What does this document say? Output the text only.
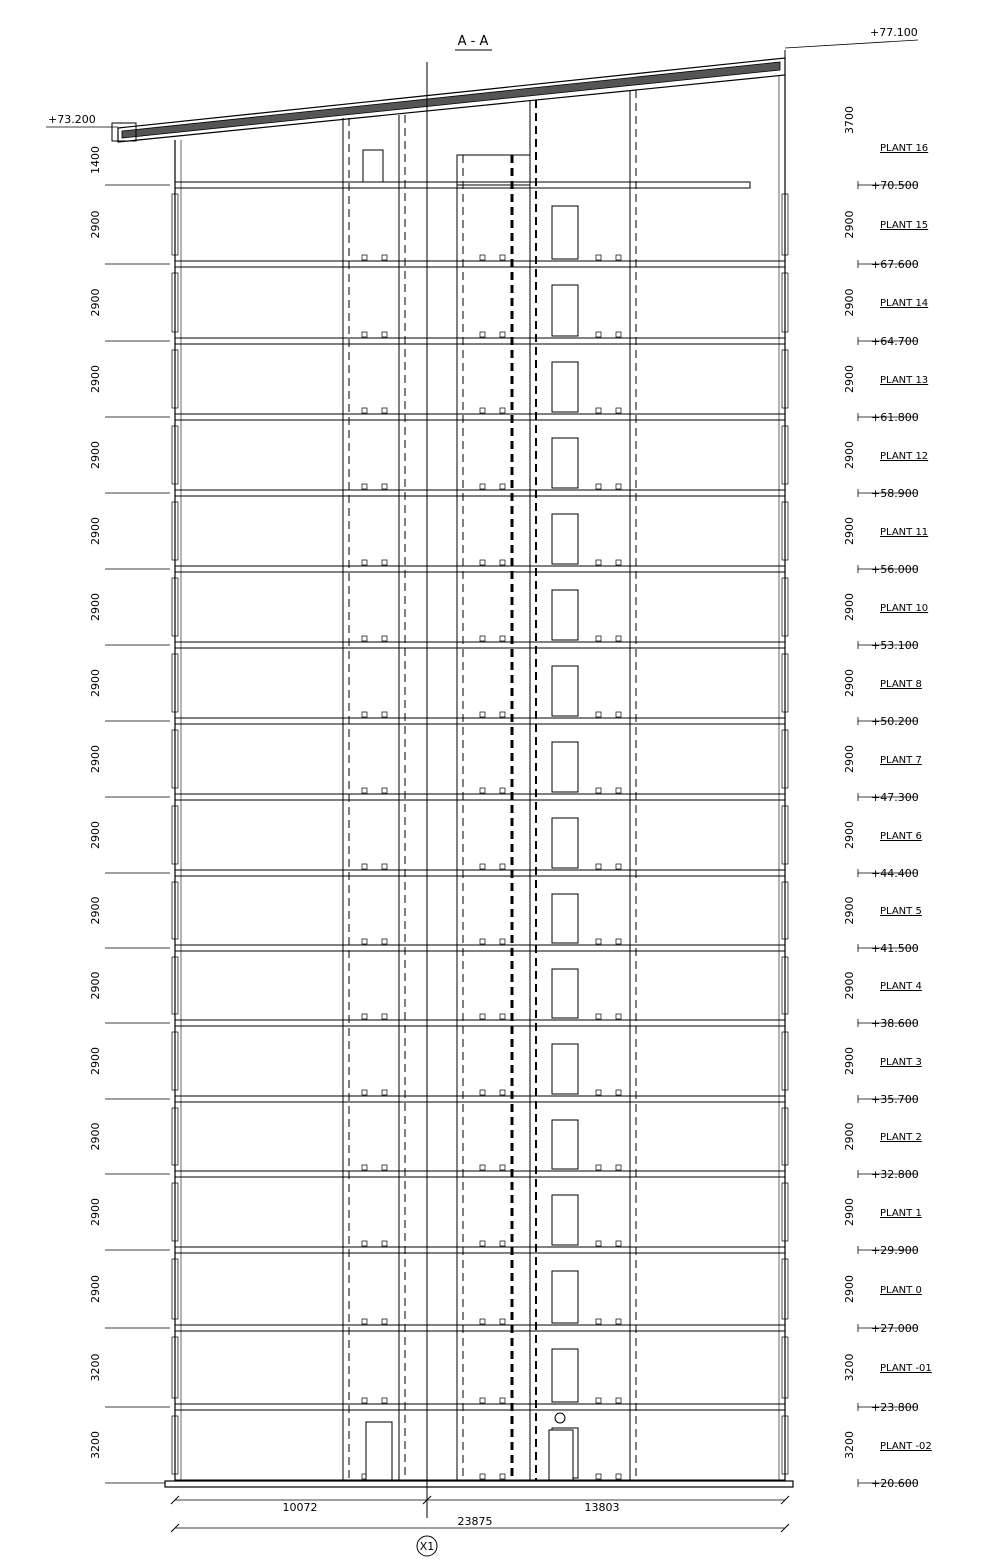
A - A
+73.200
+77.100
3700
1400
+70.500
PLANT 16
2900	2900
+67.600
PLANT 15
2900	2900
+64.700
PLANT 14
2900	2900
+61.800
PLANT 13
2900	2900
+58.900
PLANT 12
2900	2900
+56.000
PLANT 11
2900	2900
+53.100
PLANT 10
2900	2900
+50.200
PLANT 8
2900	2900
+47.300
PLANT 7
2900	2900
+44.400
PLANT 6
2900	2900
+41.500
PLANT 5
2900	2900
+38.600
PLANT 4
2900	2900
+35.700
PLANT 3
2900	2900
+32.800
PLANT 2
2900	2900
+29.900
PLANT 1
2900	2900
+27.000
PLANT 0
3200	3200
+23.800
PLANT -01
3200	3200
+20.600
PLANT -02
10072	13803
23875
X1
